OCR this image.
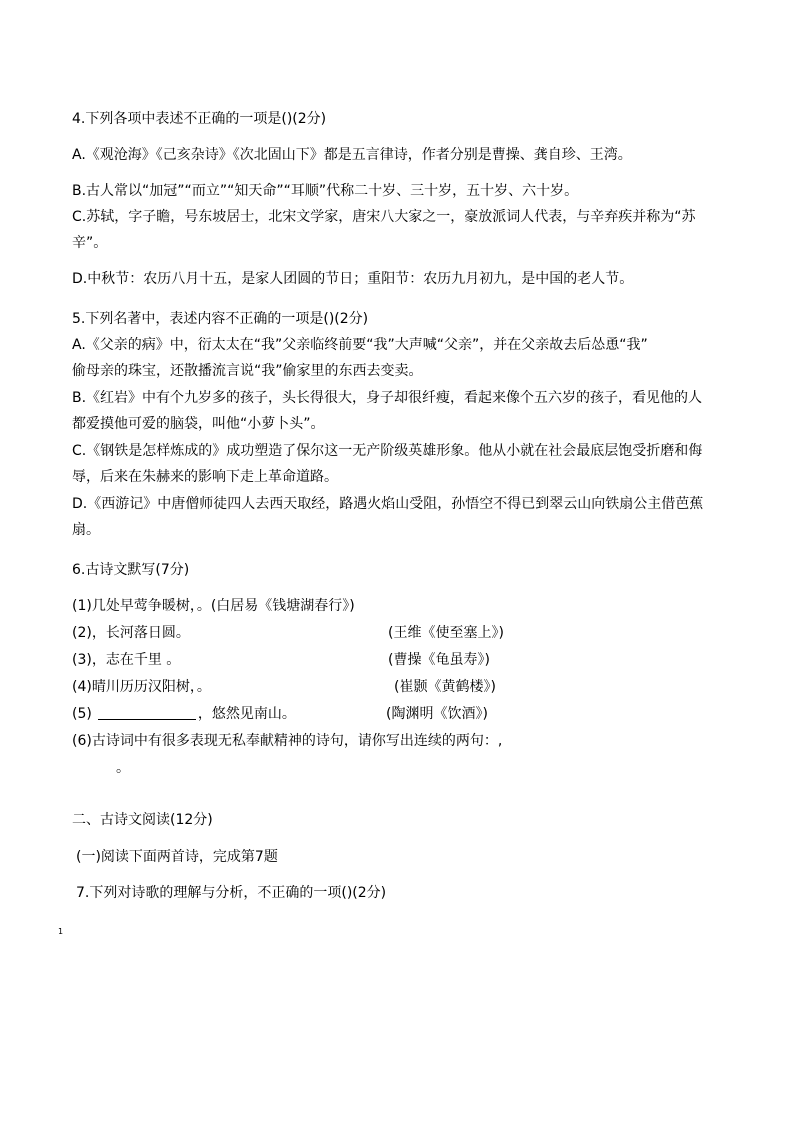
4.下列各项中表述不正确的一项是()(2分)
A.《观沧海》《己亥杂诗》《次北固山下》都是五言律诗，作者分别是曹操、龚自珍、王湾。
B.古人常以“加冠”“而立”“知天命”“耳顺”代称二十岁、三十岁，五十岁、六十岁。
C.苏轼，字子瞻，号东坡居士，北宋文学家，唐宋八大家之一，豪放派词人代表，与辛弃疾并称为“苏
辛”。
D.中秋节：农历八月十五，是家人团圆的节日；重阳节：农历九月初九，是中国的老人节。
5.下列名著中，表述内容不正确的一项是()(2分)
A.《父亲的病》中，衍太太在“我”父亲临终前要“我”大声喊“父亲”，并在父亲故去后怂恿“我”
偷母亲的珠宝，还散播流言说“我”偷家里的东西去变卖。
B.《红岩》中有个九岁多的孩子，头长得很大，身子却很纤瘦，看起来像个五六岁的孩子，看见他的人
都爱摸他可爱的脑袋，叫他“小萝卜头”。
C.《钢铁是怎样炼成的》成功塑造了保尔这一无产阶级英雄形象。他从小就在社会最底层饱受折磨和侮
辱，后来在朱赫来的影响下走上革命道路。
D.《西游记》中唐僧师徒四人去西天取经，路遇火焰山受阻，孙悟空不得已到翠云山向铁扇公主借芭蕉
扇。
6.古诗文默写(7分)
(1)几处早莺争暖树，。(白居易《钱塘湖春行》)
(2)，长河落日圆。	(王维《使至塞上》)
(3)，志在千里 。	(曹操《龟虽寿》)
(4)晴川历历汉阳树，。	(崔颢《黄鹤楼》)
(5)	，悠然见南山。	(陶渊明《饮酒》)
(6)古诗词中有很多表现无私奉献精神的诗句，请你写出连续的两句：,
。
二、古诗文阅读(12分)
(一)阅读下面两首诗，完成第7题
7.下列对诗歌的理解与分析，不正确的一项()(2分)
1
